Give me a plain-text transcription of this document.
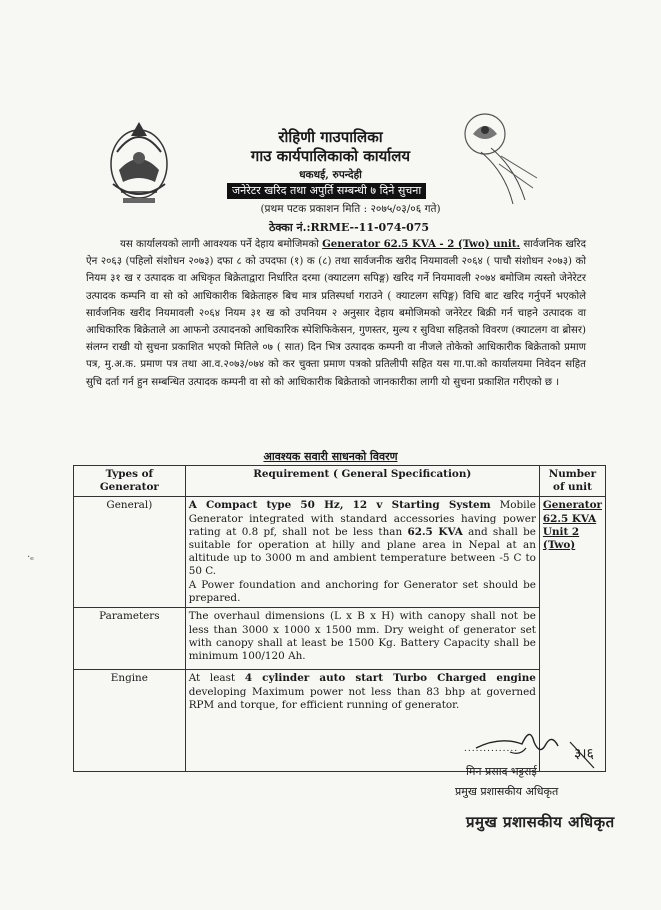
रोहिणी गाउपालिका
गाउ कार्यपालिकाको कार्यालय
धकधई, रुपन्देही
जनेरेटर खरिद तथा अपुर्ति सम्बन्धी ७ दिने सुचना
(प्रथम पटक प्रकाशन मिति : २०७५/०३/०६ गते)
ठेक्का नं.:RRME--11-074-075
यस कार्यालयको लागी आवश्यक पर्ने देहाय बमोजिमको Generator 62.5 KVA - 2 (Two) unit. सार्वजनिक खरिद ऐन २०६३ (पहिलो संशोधन २०७३) दफा ८ को उपदफा (१) क (८) तथा सार्वजनीक खरीद नियमावली २०६४ ( पाचौ संशोधन २०७३) को नियम ३१ ख र उत्पादक वा अधिकृत बिक्रेताद्वारा निर्धारित दरमा (क्याटलग सपिङ्ग) खरिद गर्ने नियमावली २०७४ बमोजिम त्यस्तो जेनेरेटर उत्पादक कम्पनि वा सो को आधिकारीक बिक्रेताहरु बिच मात्र प्रतिस्पर्धा गराउने ( क्याटलग सपिङ्ग) विधि बाट खरिद गर्नुपर्ने भएकोले सार्वजनिक खरीद नियमावली २०६४ नियम ३१ ख को उपनियम २ अनुसार देहाय बमोजिमको जनेरेटर बिक्री गर्न चाहने उत्पादक वा आधिकारिक बिक्रेताले आ आफनो उत्पादनको आधिकारिक स्पेशिफिकेसन, गुणस्तर, मुल्य र सुविधा सहितको विवरण (क्याटलग वा ब्रोसर) संलग्न राखी यो सुचना प्रकाशित भएको मितिले ०७ ( सात) दिन भित्र उत्पादक कम्पनी वा नीजले तोकेको आधिकारीक बिक्रेताको प्रमाण पत्र, मु.अ.क. प्रमाण पत्र तथा आ.व.२०७३/०७४ को कर चुक्ता प्रमाण पत्रको प्रतिलीपी सहित यस गा.पा.को कार्यालयमा निवेदन सहित सुचि दर्ता गर्न हुन सम्बन्धित उत्पादक कम्पनी वा सो को आधिकारीक बिक्रेताको जानकारीका लागी यो सुचना प्रकाशित गरीएको छ ।
आवश्यक सवारी साधनको विवरण
Types of Generator	Requirement ( General Specification)	Number of unit
General)	A Compact type 50 Hz, 12 v Starting System Mobile Generator integrated with standard accessories having power rating at 0.8 pf, shall not be less than 62.5 KVA and shall be suitable for operation at hilly and plane area in Nepal at an altitude up to 3000 m and ambient temperature between -5 C to 50 C.
A Power foundation and anchoring for Generator set should be prepared.	Generator 62.5 KVA Unit 2 (Two)
Parameters	The overhaul dimensions (L x B x H) with canopy shall not be less than 3000 x 1000 x 1500 mm. Dry weight of generator set with canopy shall at least be 1500 Kg. Battery Capacity shall be minimum 100/120 Ah.	
Engine	At least 4 cylinder auto start Turbo Charged engine developing Maximum power not less than 83 bhp at governed RPM and torque, for efficient running of generator.	
३।६
..............
मिन प्रसाद भट्टराई
प्रमुख प्रशासकीय अधिकृत
प्रमुख प्रशासकीय अधिकृत
·ₑ
